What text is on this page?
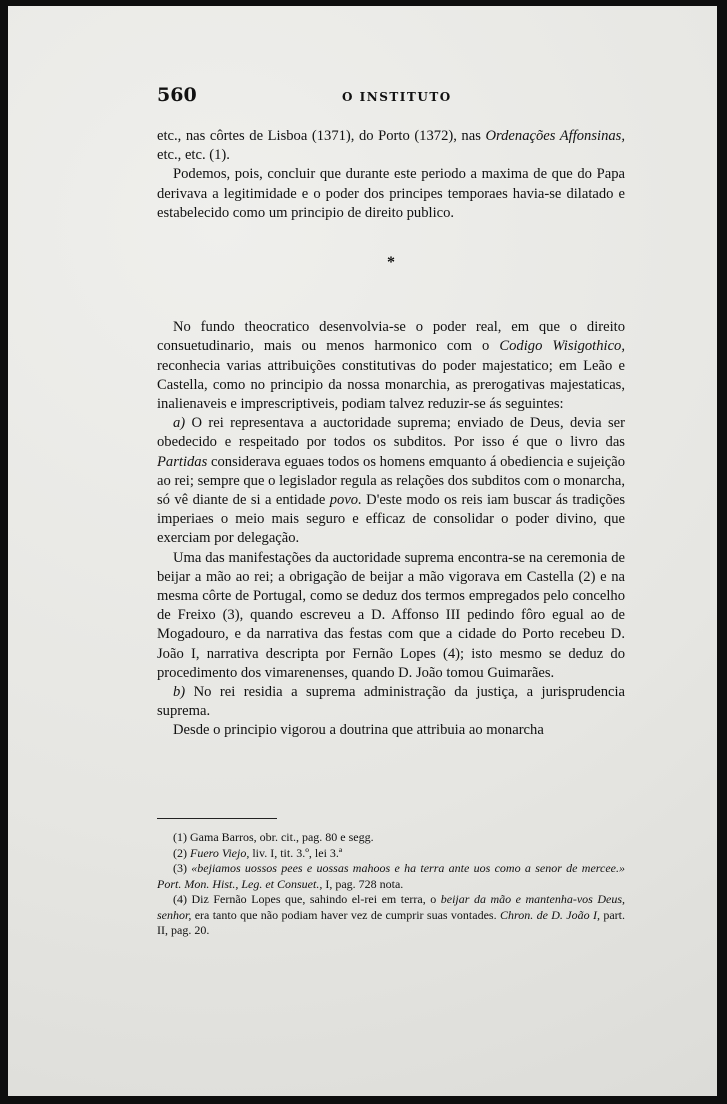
560	O INSTITUTO

etc., nas côrtes de Lisboa (1371), do Porto (1372), nas Ordenações Affonsinas, etc., etc. (1).

Podemos, pois, concluir que durante este periodo a maxima de que do Papa derivava a legitimidade e o poder dos principes temporaes havia-se dilatado e estabelecido como um principio de direito publico.

*

No fundo theocratico desenvolvia-se o poder real, em que o direito consuetudinario, mais ou menos harmonico com o Codigo Wisigothico, reconhecia varias attribuições constitutivas do poder majestatico; em Leão e Castella, como no principio da nossa monarchia, as prerogativas majestaticas, inalienaveis e imprescriptiveis, podiam talvez reduzir-se ás seguintes:

a) O rei representava a auctoridade suprema; enviado de Deus, devia ser obedecido e respeitado por todos os subditos. Por isso é que o livro das Partidas considerava eguaes todos os homens emquanto á obediencia e sujeição ao rei; sempre que o legislador regula as relações dos subditos com o monarcha, só vê diante de si a entidade povo. D'este modo os reis iam buscar ás tradições imperiaes o meio mais seguro e efficaz de consolidar o poder divino, que exerciam por delegação.

Uma das manifestações da auctoridade suprema encontra-se na ceremonia de beijar a mão ao rei; a obrigação de beijar a mão vigorava em Castella (2) e na mesma côrte de Portugal, como se deduz dos termos empregados pelo concelho de Freixo (3), quando escreveu a D. Affonso III pedindo fôro egual ao de Mogadouro, e da narrativa das festas com que a cidade do Porto recebeu D. João I, narrativa descripta por Fernão Lopes (4); isto mesmo se deduz do procedimento dos vimarenenses, quando D. João tomou Guimarães.

b) No rei residia a suprema administração da justiça, a jurisprudencia suprema.

Desde o principio vigorou a doutrina que attribuia ao monarcha

(1) Gama Barros, obr. cit., pag. 80 e segg.

(2) Fuero Viejo, liv. I, tit. 3.º, lei 3.ª

(3) «bejiamos uossos pees e uossas mahoos e ha terra ante uos como a senor de mercee.» Port. Mon. Hist., Leg. et Consuet., I, pag. 728 nota.

(4) Diz Fernão Lopes que, sahindo el-rei em terra, o beijar da mão e mantenha-vos Deus, senhor, era tanto que não podiam haver vez de cumprir suas vontades. Chron. de D. João I, part. II, pag. 20.
